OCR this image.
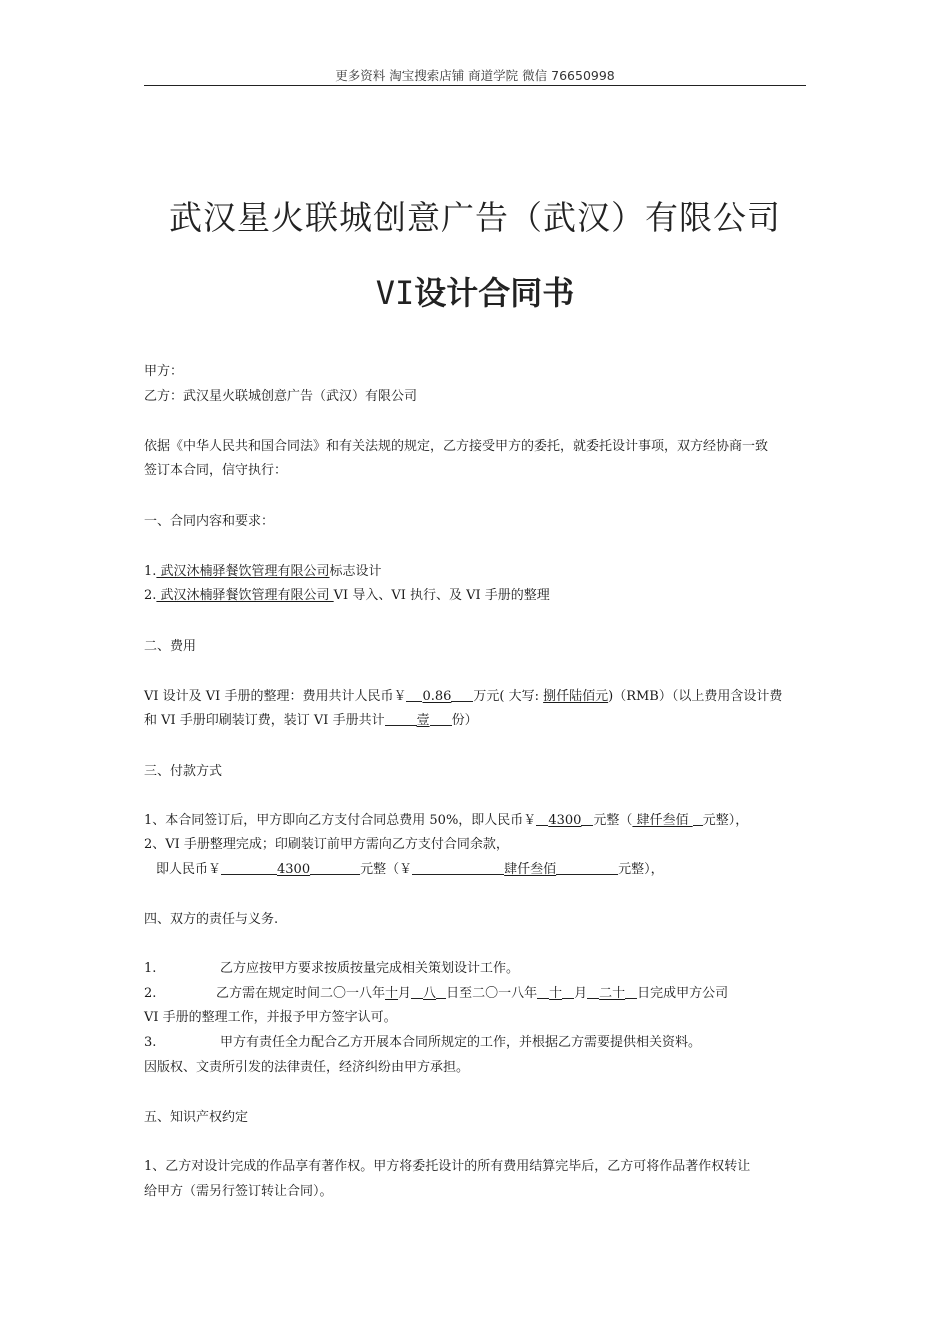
更多资料 淘宝搜索店铺 商道学院 微信 76650998
武汉星火联城创意广告（武汉）有限公司
VI设计合同书
甲方：
乙方：武汉星火联城创意广告（武汉）有限公司
依据《中华人民共和国合同法》和有关法规的规定，乙方接受甲方的委托，就委托设计事项，双方经协商一致
签订本合同，信守执行：
一、合同内容和要求：
1. 武汉沐楠驿餐饮管理有限公司标志设计
2. 武汉沐楠驿餐饮管理有限公司 VI 导入、VI 执行、及 VI 手册的整理
二、费用
VI 设计及 VI 手册的整理：费用共计人民币￥ 0.86 万元( 大写: 捌仟陆佰元)（RMB）（以上费用含设计费
和 VI 手册印刷装订费，装订 VI 手册共计 壹 份）
三、付款方式
1、本合同签订后，甲方即向乙方支付合同总费用 50%，即人民币￥ 4300 元整（ 肆仟叁佰 元整），
2、VI 手册整理完成；印刷装订前甲方需向乙方支付合同余款，
即人民币￥	4300	元整（￥	肆仟叁佰	元整），
四、双方的责任与义务.
1.	乙方应按甲方要求按质按量完成相关策划设计工作。
2.	乙方需在规定时间二〇一八年十月 八 日至二〇一八年 十 月 二十 日完成甲方公司
VI 手册的整理工作，并报予甲方签字认可。
3.	甲方有责任全力配合乙方开展本合同所规定的工作，并根据乙方需要提供相关资料。
因版权、文责所引发的法律责任，经济纠纷由甲方承担。
五、知识产权约定
1、乙方对设计完成的作品享有著作权。甲方将委托设计的所有费用结算完毕后，乙方可将作品著作权转让
给甲方（需另行签订转让合同）。
